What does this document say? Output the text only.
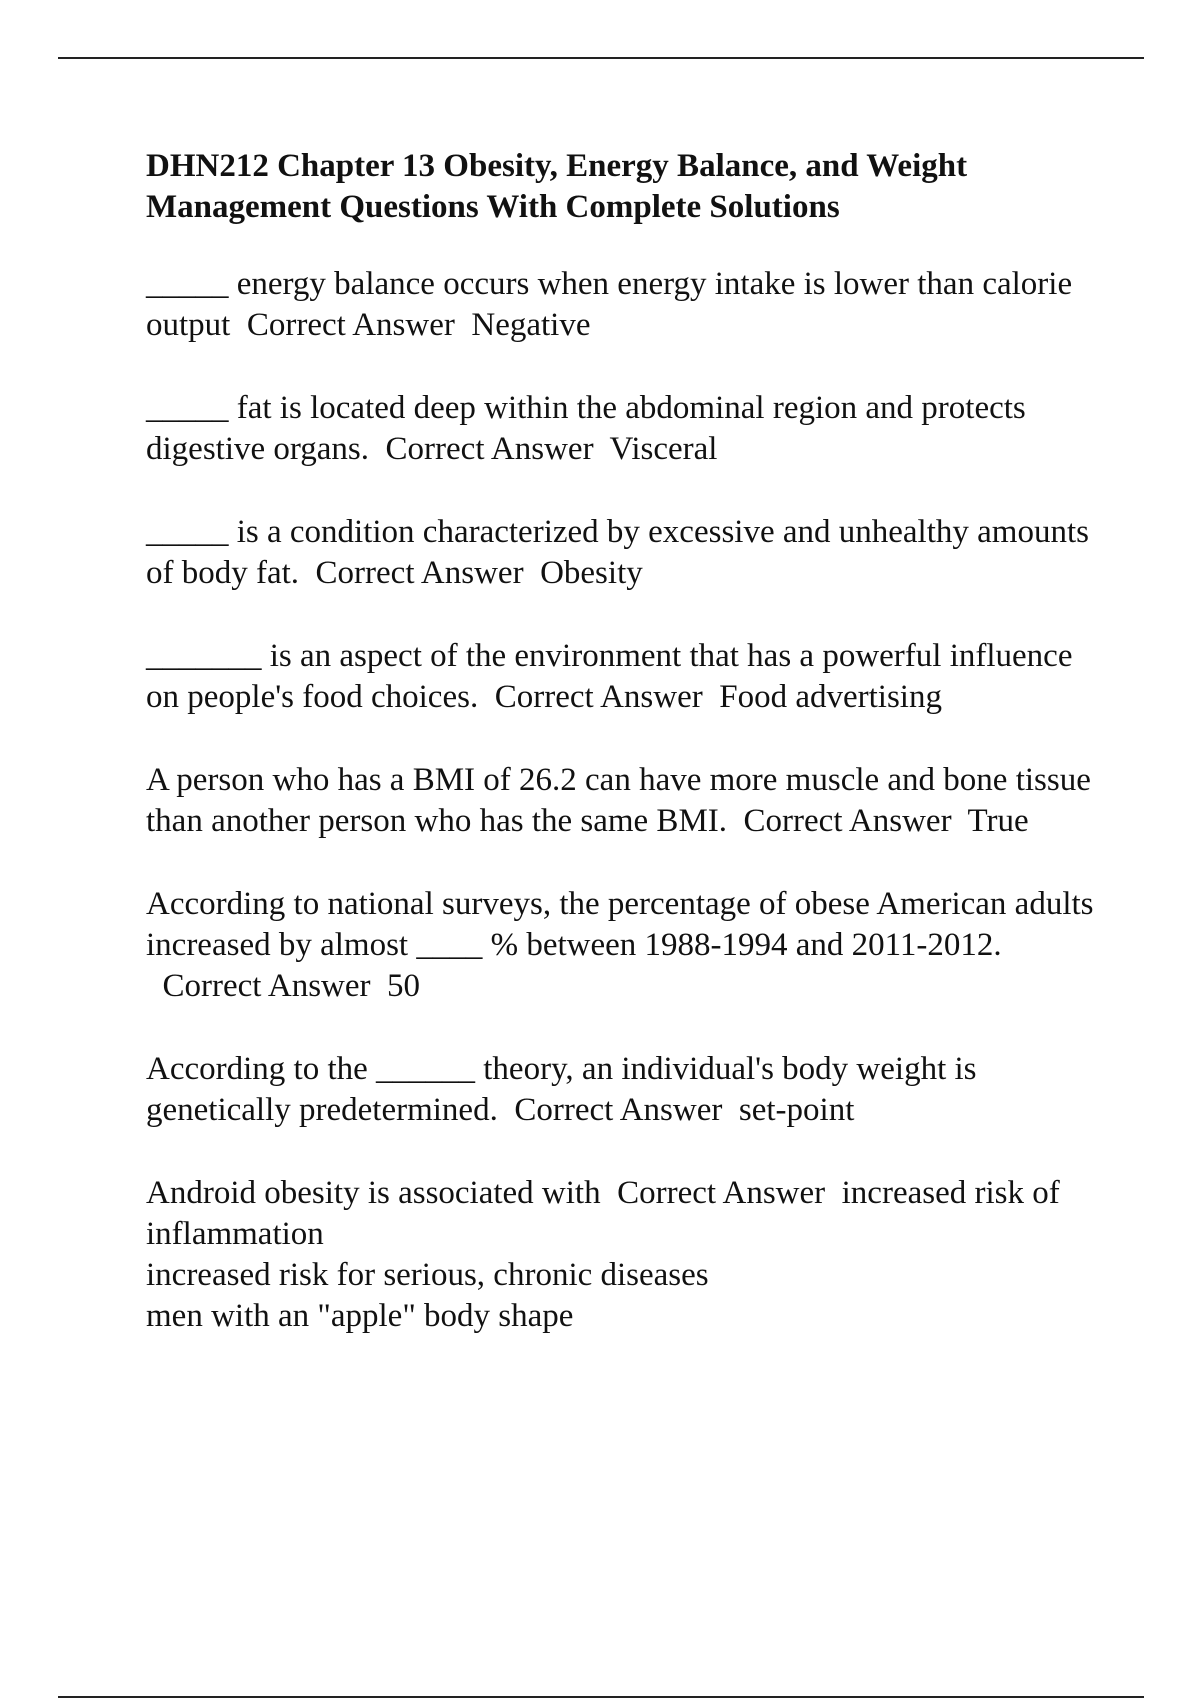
DHN212 Chapter 13 Obesity, Energy Balance, and Weight Management Questions With Complete Solutions

_____ energy balance occurs when energy intake is lower than calorie output Correct Answer Negative

_____ fat is located deep within the abdominal region and protects digestive organs. Correct Answer Visceral

_____ is a condition characterized by excessive and unhealthy amounts of body fat. Correct Answer Obesity

_______ is an aspect of the environment that has a powerful influence on people's food choices. Correct Answer Food advertising

A person who has a BMI of 26.2 can have more muscle and bone tissue than another person who has the same BMI. Correct Answer True

According to national surveys, the percentage of obese American adults increased by almost ____ % between 1988-1994 and 2011-2012.  Correct Answer 50

According to the ______ theory, an individual's body weight is genetically predetermined. Correct Answer set-point

Android obesity is associated with Correct Answer increased risk of inflammation
increased risk for serious, chronic diseases
men with an "apple" body shape
